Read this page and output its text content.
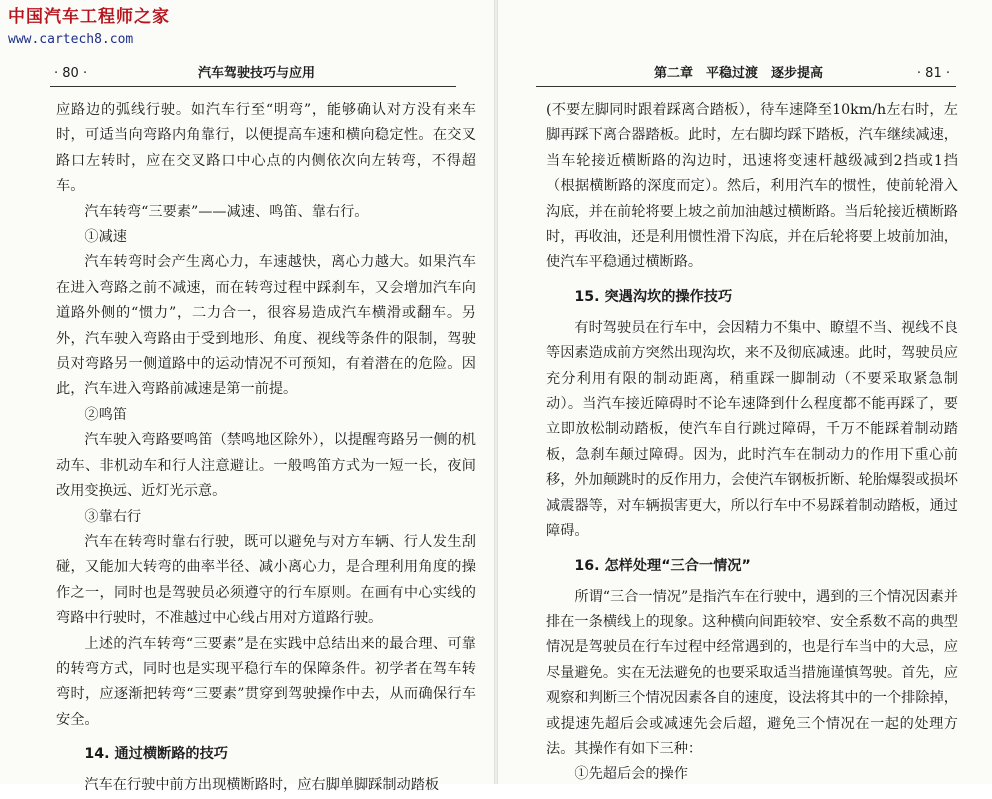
中国汽车工程师之家
www.cartech8.com
· 80 ·	汽车驾驶技巧与应用

应路边的弧线行驶。如汽车行至“明弯”，能够确认对方没有来车时，可适当向弯路内角靠行，以便提高车速和横向稳定性。在交叉路口左转时，应在交叉路口中心点的内侧依次向左转弯，不得超车。

汽车转弯“三要素”——减速、鸣笛、靠右行。

①减速

汽车转弯时会产生离心力，车速越快，离心力越大。如果汽车在进入弯路之前不减速，而在转弯过程中踩刹车，又会增加汽车向道路外侧的“惯力”，二力合一，很容易造成汽车横滑或翻车。另外，汽车驶入弯路由于受到地形、角度、视线等条件的限制，驾驶员对弯路另一侧道路中的运动情况不可预知，有着潜在的危险。因此，汽车进入弯路前减速是第一前提。

②鸣笛

汽车驶入弯路要鸣笛（禁鸣地区除外），以提醒弯路另一侧的机动车、非机动车和行人注意避让。一般鸣笛方式为一短一长，夜间改用变换远、近灯光示意。

③靠右行

汽车在转弯时靠右行驶，既可以避免与对方车辆、行人发生刮碰，又能加大转弯的曲率半径、减小离心力，是合理利用角度的操作之一，同时也是驾驶员必须遵守的行车原则。在画有中心实线的弯路中行驶时，不准越过中心线占用对方道路行驶。

上述的汽车转弯“三要素”是在实践中总结出来的最合理、可靠的转弯方式，同时也是实现平稳行车的保障条件。初学者在驾车转弯时，应逐渐把转弯“三要素”贯穿到驾驶操作中去，从而确保行车安全。

14. 通过横断路的技巧

汽车在行驶中前方出现横断路时，应右脚单脚踩制动踏板

第二章　平稳过渡　逐步提高	· 81 ·

(不要左脚同时跟着踩离合踏板），待车速降至10km/h左右时，左脚再踩下离合器踏板。此时，左右脚均踩下踏板，汽车继续减速，当车轮接近横断路的沟边时，迅速将变速杆越级减到2挡或1挡（根据横断路的深度而定）。然后，利用汽车的惯性，使前轮滑入沟底，并在前轮将要上坡之前加油越过横断路。当后轮接近横断路时，再收油，还是利用惯性滑下沟底，并在后轮将要上坡前加油，使汽车平稳通过横断路。

15. 突遇沟坎的操作技巧

有时驾驶员在行车中，会因精力不集中、瞭望不当、视线不良等因素造成前方突然出现沟坎，来不及彻底减速。此时，驾驶员应充分利用有限的制动距离，稍重踩一脚制动（不要采取紧急制动）。当汽车接近障碍时不论车速降到什么程度都不能再踩了，要立即放松制动踏板，使汽车自行跳过障碍，千万不能踩着制动踏板，急刹车颠过障碍。因为，此时汽车在制动力的作用下重心前移，外加颠跳时的反作用力，会使汽车钢板折断、轮胎爆裂或损坏减震器等，对车辆损害更大，所以行车中不易踩着制动踏板，通过障碍。

16. 怎样处理“三合一情况”

所谓“三合一情况”是指汽车在行驶中，遇到的三个情况因素并排在一条横线上的现象。这种横向间距较窄、安全系数不高的典型情况是驾驶员在行车过程中经常遇到的，也是行车当中的大忌，应尽量避免。实在无法避免的也要采取适当措施谨慎驾驶。首先，应观察和判断三个情况因素各自的速度，设法将其中的一个排除掉，或提速先超后会或减速先会后超，避免三个情况在一起的处理方法。其操作有如下三种：

①先超后会的操作
